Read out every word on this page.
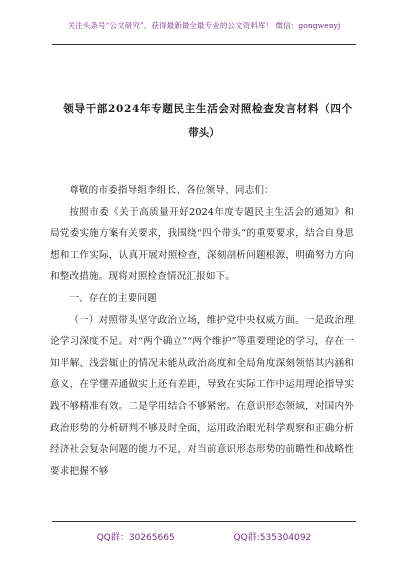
关注头条号“公文研究”，获得最新最全最专业的公文资料库！ 微信：gongwenyj
领导干部2024年专题民主生活会对照检查发言材料（四个
带头）

尊敬的市委指导组李组长、各位领导、同志们：

按照市委《关于高质量开好2024年度专题民主生活会的通知》和局党委实施方案有关要求，我围绕“四个带头”的重要要求，结合自身思想和工作实际，认真开展对照检查，深刻剖析问题根源，明确努力方向和整改措施。现将对照检查情况汇报如下。

一、存在的主要问题

（一）对照带头坚守政治立场，维护党中央权威方面。一是政治理论学习深度不足。对“两个确立”“两个维护”等重要理论的学习，存在一知半解、浅尝辄止的情况未能从政治高度和全局角度深刻领悟其内涵和意义，在学懂弄通做实上还有差距，导致在实际工作中运用理论指导实践不够精准有效。二是学用结合不够紧密。在意识形态领域，对国内外政治形势的分析研判不够及时全面，运用政治眼光科学观察和正确分析经济社会复杂问题的能力不足，对当前意识形态形势的前瞻性和战略性要求把握不够

QQ群：30265665	QQ群:535304092
